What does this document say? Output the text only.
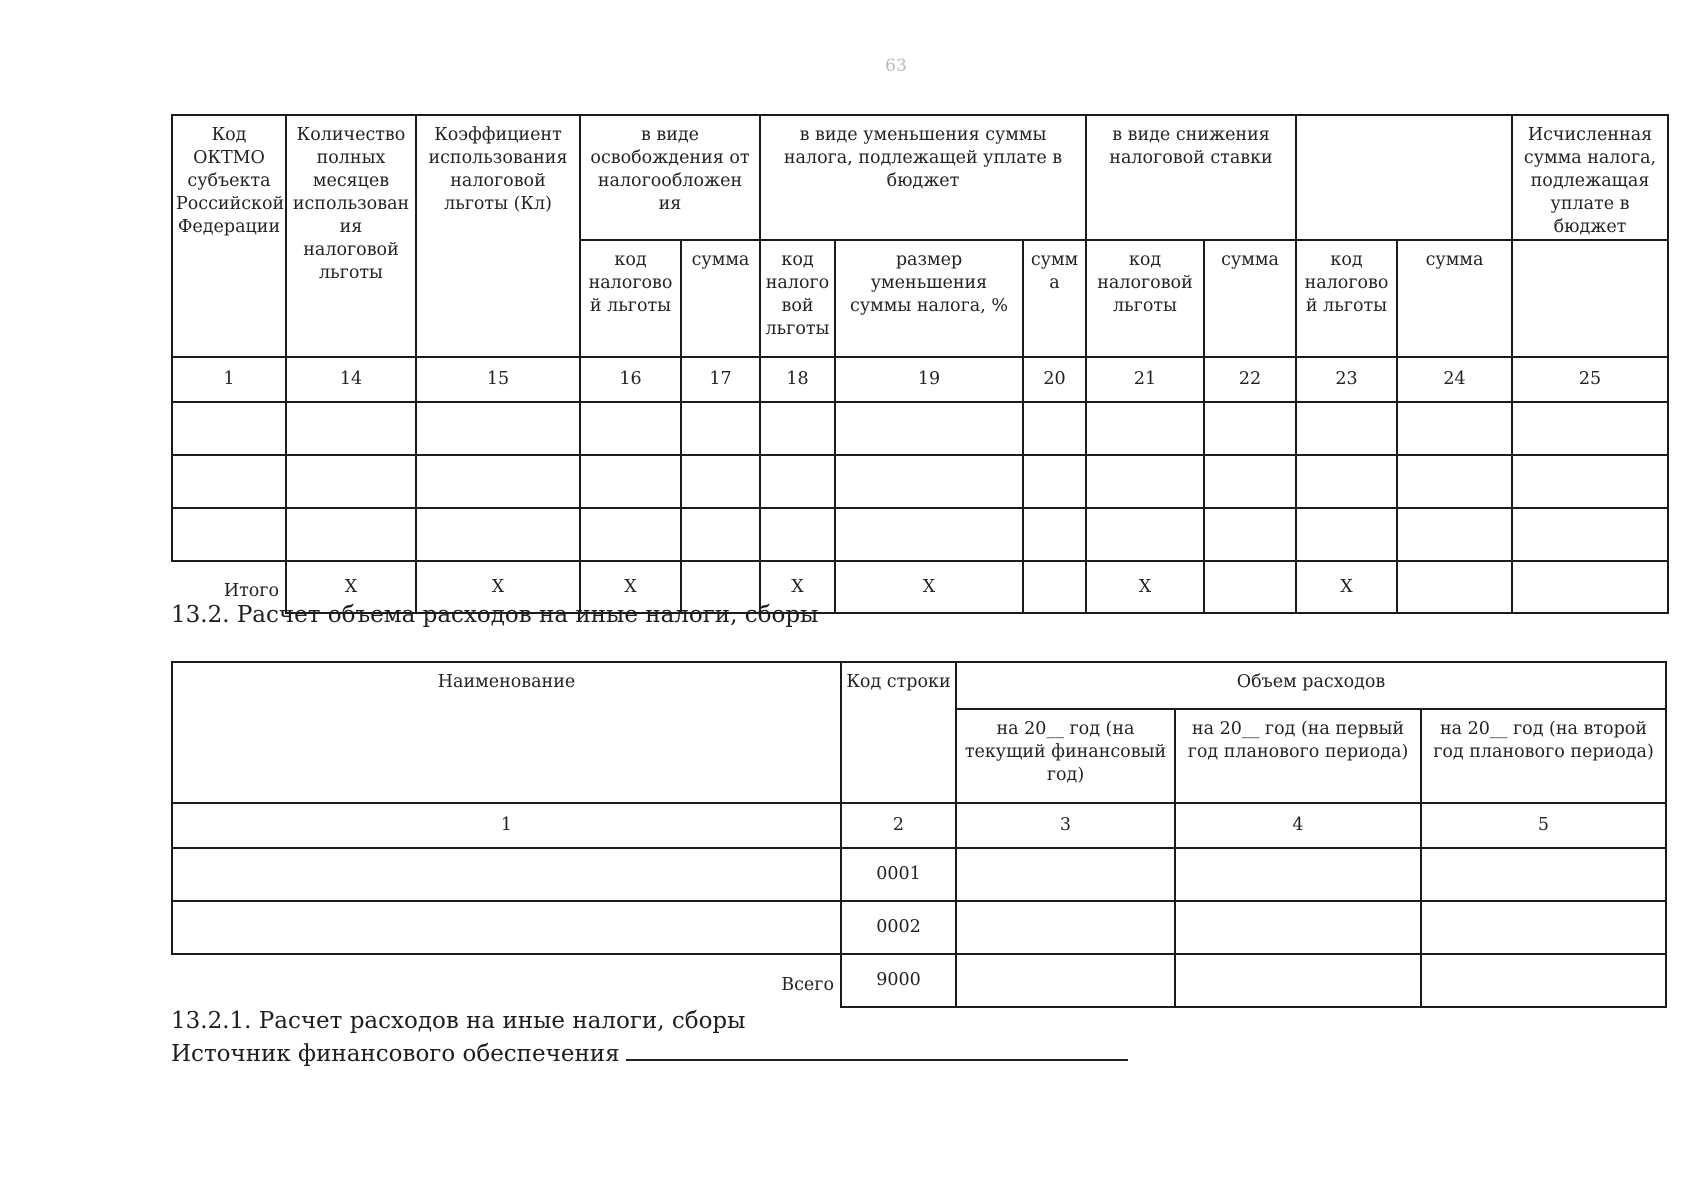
63
Код ОКТМО субъекта Российской Федерации	Количество полных месяцев использован ия налоговой льготы	Коэффициент использования налоговой льготы (Кл)	в виде освобождения от налогообложен ия		в виде уменьшения суммы налога, подлежащей уплате в бюджет			в виде снижения налоговой ставки				Исчисленная сумма налога, подлежащая уплате в бюджет
			код налогово й льготы	сумма	код налого вой льготы	размер уменьшения суммы налога, %	сумм а	код налоговой льготы	сумма	код налогово й льготы	сумма	
1	14	15	16	17	18	19	20	21	22	23	24	25

Итого	X	X	X		X	X		X		X		
13.2. Расчет объема расходов на иные налоги, сборы
Наименование	Код строки	Объем расходов		
		на 20__ год (на текущий финансовый год)	на 20__ год (на первый год планового периода)	на 20__ год (на второй год планового периода)
1	2	3	4	5
	0001			
	0002			
Всего	9000			
13.2.1. Расчет расходов на иные налоги, сборы
Источник финансового обеспечения
